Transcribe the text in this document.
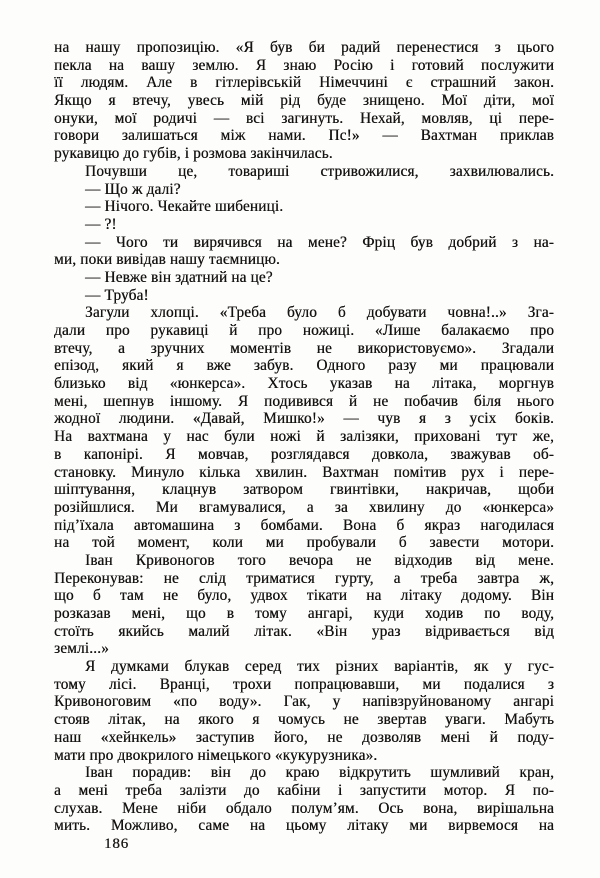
на нашу пропозицію. «Я був би радий перенестися з цього
пекла на вашу землю. Я знаю Росію і готовий послужити
її людям. Але в гітлерівській Німеччині є страшний закон.
Якщо я втечу, увесь мій рід буде знищено. Мої діти, мої
онуки, мої родичі — всі загинуть. Нехай, мовляв, ці пере-
говори залишаться між нами. Пс!» — Вахтман приклав
рукавицю до губів, і розмова закінчилась.
Почувши це, товариші стривожилися, захвилювались.
— Що ж далі?
— Нічого. Чекайте шибениці.
— ?!
— Чого ти вирячився на мене? Фріц був добрий з на-
ми, поки вивідав нашу таємницю.
— Невже він здатний на це?
— Труба!
Загули хлопці. «Треба було б добувати човна!..» Зга-
дали про рукавиці й про ножиці. «Лише балакаємо про
втечу, а зручних моментів не використовуємо». Згадали
епізод, який я вже забув. Одного разу ми працювали
близько від «юнкерса». Хтось указав на літака, моргнув
мені, шепнув іншому. Я подивився й не побачив біля нього
жодної людини. «Давай, Мишко!» — чув я з усіх боків.
На вахтмана у нас були ножі й залізяки, приховані тут же,
в капонірі. Я мовчав, розглядався довкола, зважував об-
становку. Минуло кілька хвилин. Вахтман помітив рух і пере-
шіптування, клацнув затвором гвинтівки, накричав, щоби
розійшлися. Ми вгамувалися, а за хвилину до «юнкерса»
під’їхала автомашина з бомбами. Вона б якраз нагодилася
на той момент, коли ми пробували б завести мотори.
Іван Кривоногов того вечора не відходив від мене.
Переконував: не слід триматися гурту, а треба завтра ж,
що б там не було, удвох тікати на літаку додому. Він
розказав мені, що в тому ангарі, куди ходив по воду,
стоїть якийсь малий літак. «Він ураз відривається від
землі...»
Я думками блукав серед тих різних варіантів, як у гус-
тому лісі. Вранці, трохи попрацювавши, ми подалися з
Кривоноговим «по воду». Гак, у напівзруйнованому ангарі
стояв літак, на якого я чомусь не звертав уваги. Мабуть
наш «хейнкель» заступив його, не дозволяв мені й поду-
мати про двокрилого німецького «кукурузника».
Іван порадив: він до краю відкрутить шумливий кран,
а мені треба залізти до кабіни і запустити мотор. Я по-
слухав. Мене ніби обдало полум’ям. Ось вона, вирішальна
мить. Можливо, саме на цьому літаку ми вирвемося на
186
